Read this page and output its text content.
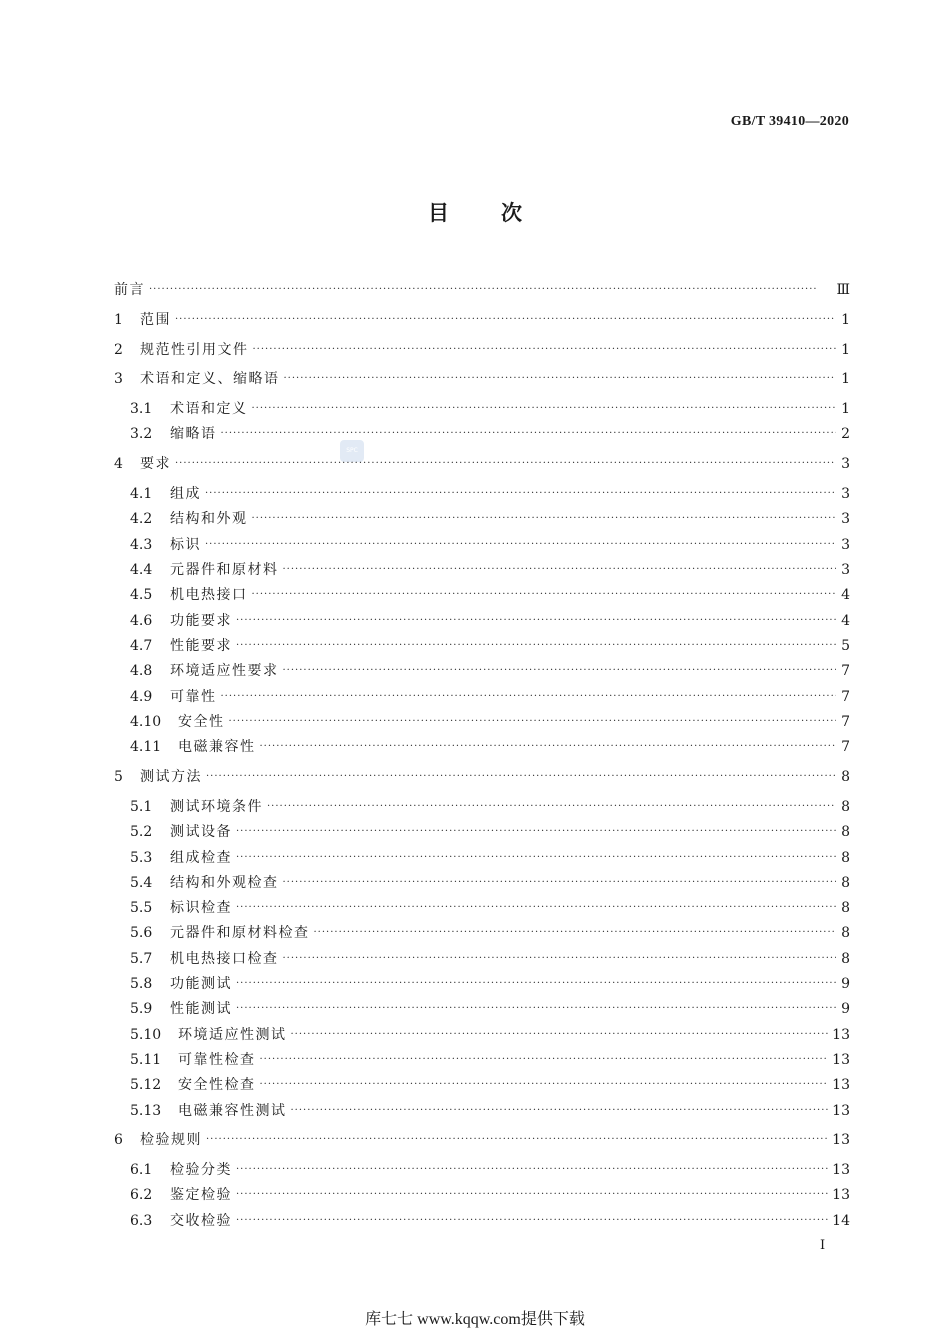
GB/T 39410—2020
目 次
SPC
前言 ·····	Ⅲ
1	范围 ·····	1
2	规范性引用文件 ·····	1
3	术语和定义、缩略语 ·····	1
3.1	术语和定义 ·····	1
3.2	缩略语 ·····	2
4	要求 ·····	3
4.1	组成 ·····	3
4.2	结构和外观 ·····	3
4.3	标识 ·····	3
4.4	元器件和原材料 ·····	3
4.5	机电热接口 ·····	4
4.6	功能要求 ·····	4
4.7	性能要求 ·····	5
4.8	环境适应性要求 ·····	7
4.9	可靠性 ·····	7
4.10	安全性 ·····	7
4.11	电磁兼容性 ·····	7
5	测试方法 ·····	8
5.1	测试环境条件 ·····	8
5.2	测试设备 ·····	8
5.3	组成检查 ·····	8
5.4	结构和外观检查 ·····	8
5.5	标识检查 ·····	8
5.6	元器件和原材料检查 ·····	8
5.7	机电热接口检查 ·····	8
5.8	功能测试 ·····	9
5.9	性能测试 ·····	9
5.10	环境适应性测试 ·····	13
5.11	可靠性检查 ·····	13
5.12	安全性检查 ·····	13
5.13	电磁兼容性测试 ·····	13
6	检验规则 ·····	13
6.1	检验分类 ·····	13
6.2	鉴定检验 ·····	13
6.3	交收检验 ·····	14
I
库七七 www.kqqw.com提供下载
